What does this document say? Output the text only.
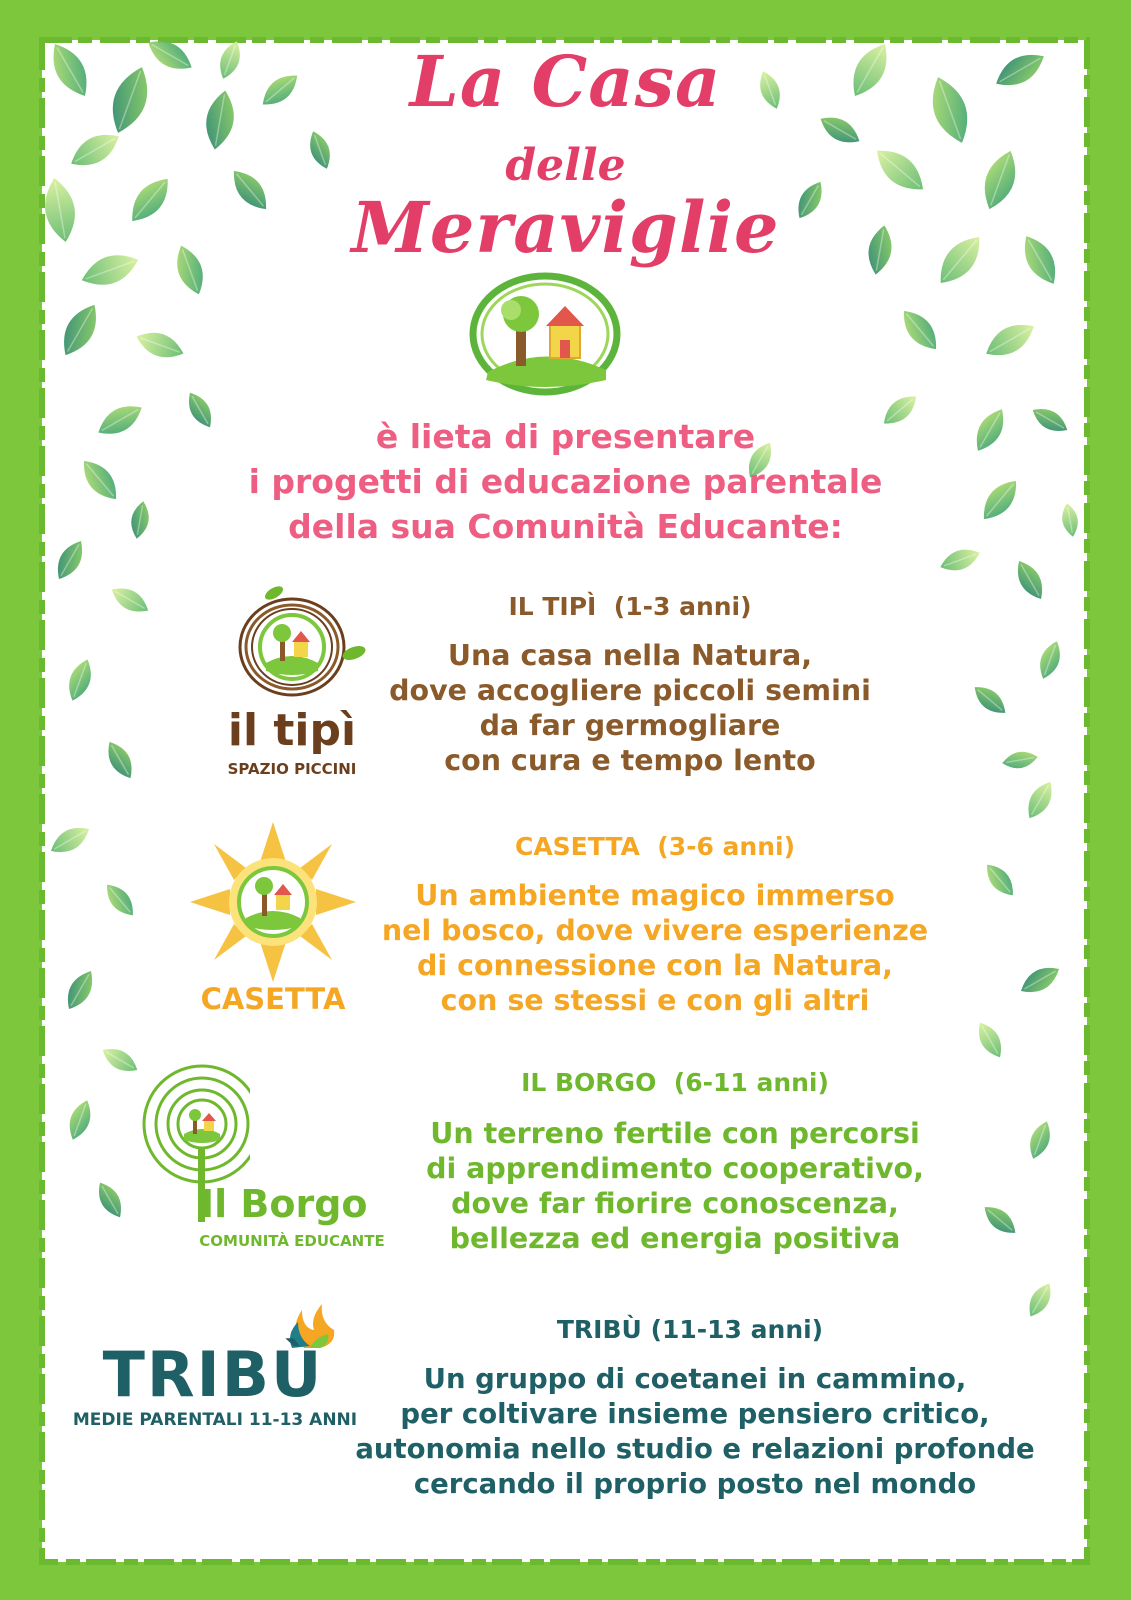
La Casa
delle
Meraviglie
è lieta di presentare
i progetti di educazione parentale
della sua Comunità Educante:
il tipì
SPAZIO PICCINI
IL TIPÌ (1-3 anni)
Una casa nella Natura,
dove accogliere piccoli semini
da far germogliare
con cura e tempo lento
CASETTA
CASETTA (3-6 anni)
Un ambiente magico immerso
nel bosco, dove vivere esperienze
di connessione con la Natura,
con se stessi e con gli altri
Il Borgo
COMUNITÀ EDUCANTE
IL BORGO (6-11 anni)
Un terreno fertile con percorsi
di apprendimento cooperativo,
dove far fiorire conoscenza,
bellezza ed energia positiva
TRIBÙ
MEDIE PARENTALI 11-13 ANNI
TRIBÙ (11-13 anni)
Un gruppo di coetanei in cammino,
per coltivare insieme pensiero critico,
autonomia nello studio e relazioni profonde
cercando il proprio posto nel mondo
